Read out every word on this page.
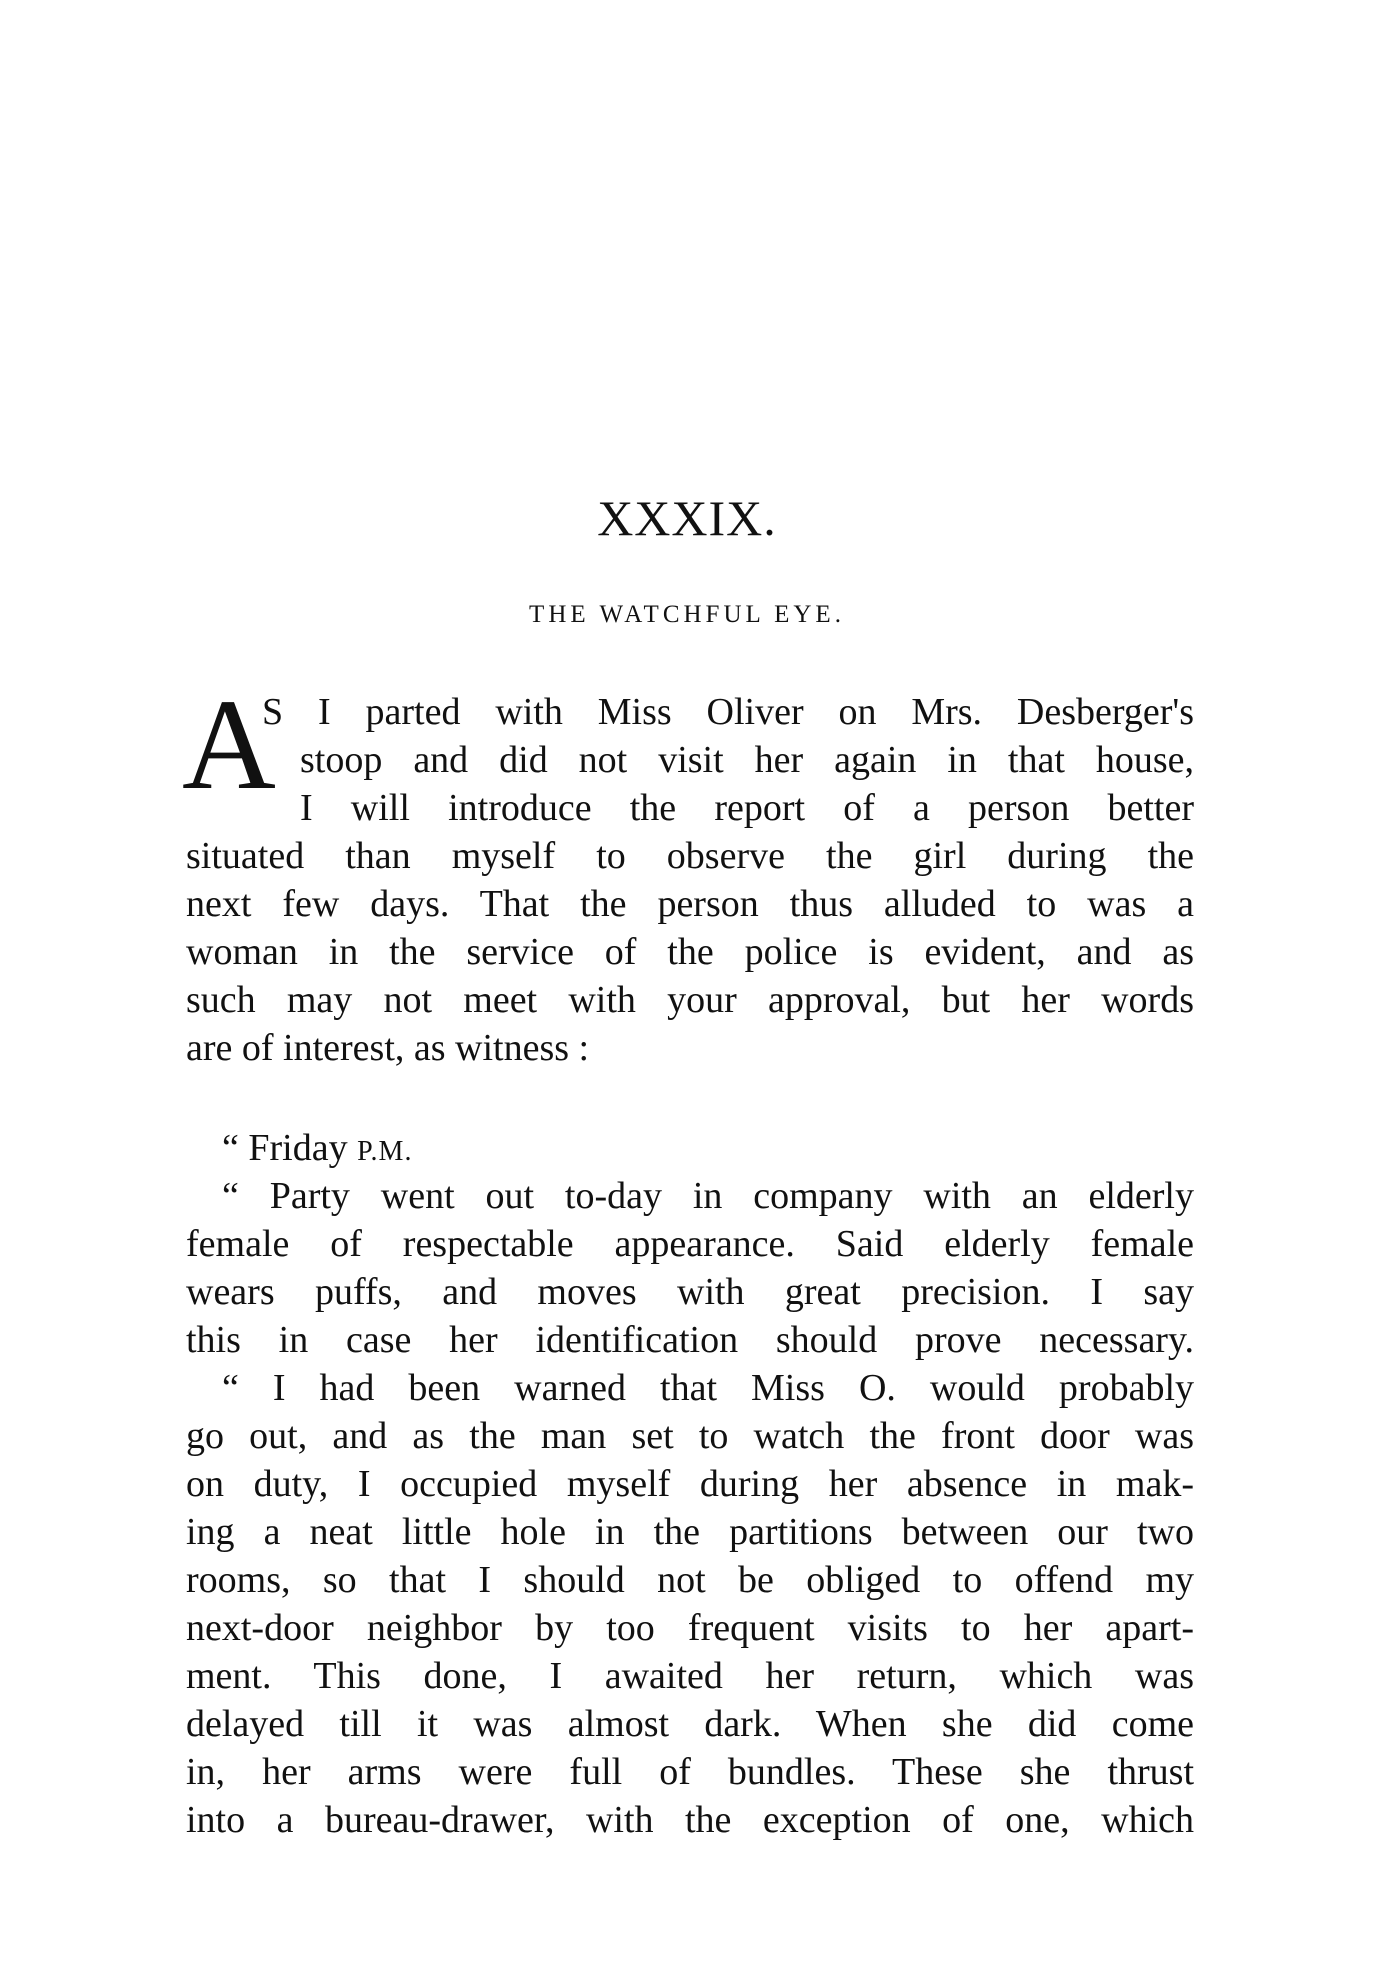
XXXIX.
THE WATCHFUL EYE.
A
S I parted with Miss Oliver on Mrs. Desberger's
stoop and did not visit her again in that house,
I will introduce the report of a person better
situated than myself to observe the girl during the
next few days. That the person thus alluded to was a
woman in the service of the police is evident, and as
such may not meet with your approval, but her words
are of interest, as witness :
“ Friday P.M.
“ Party went out to-day in company with an elderly
female of respectable appearance. Said elderly female
wears puffs, and moves with great precision. I say
this in case her identification should prove necessary.
“ I had been warned that Miss O. would probably
go out, and as the man set to watch the front door was
on duty, I occupied myself during her absence in mak-
ing a neat little hole in the partitions between our two
rooms, so that I should not be obliged to offend my
next-door neighbor by too frequent visits to her apart-
ment. This done, I awaited her return, which was
delayed till it was almost dark. When she did come
in, her arms were full of bundles. These she thrust
into a bureau-drawer, with the exception of one, which
